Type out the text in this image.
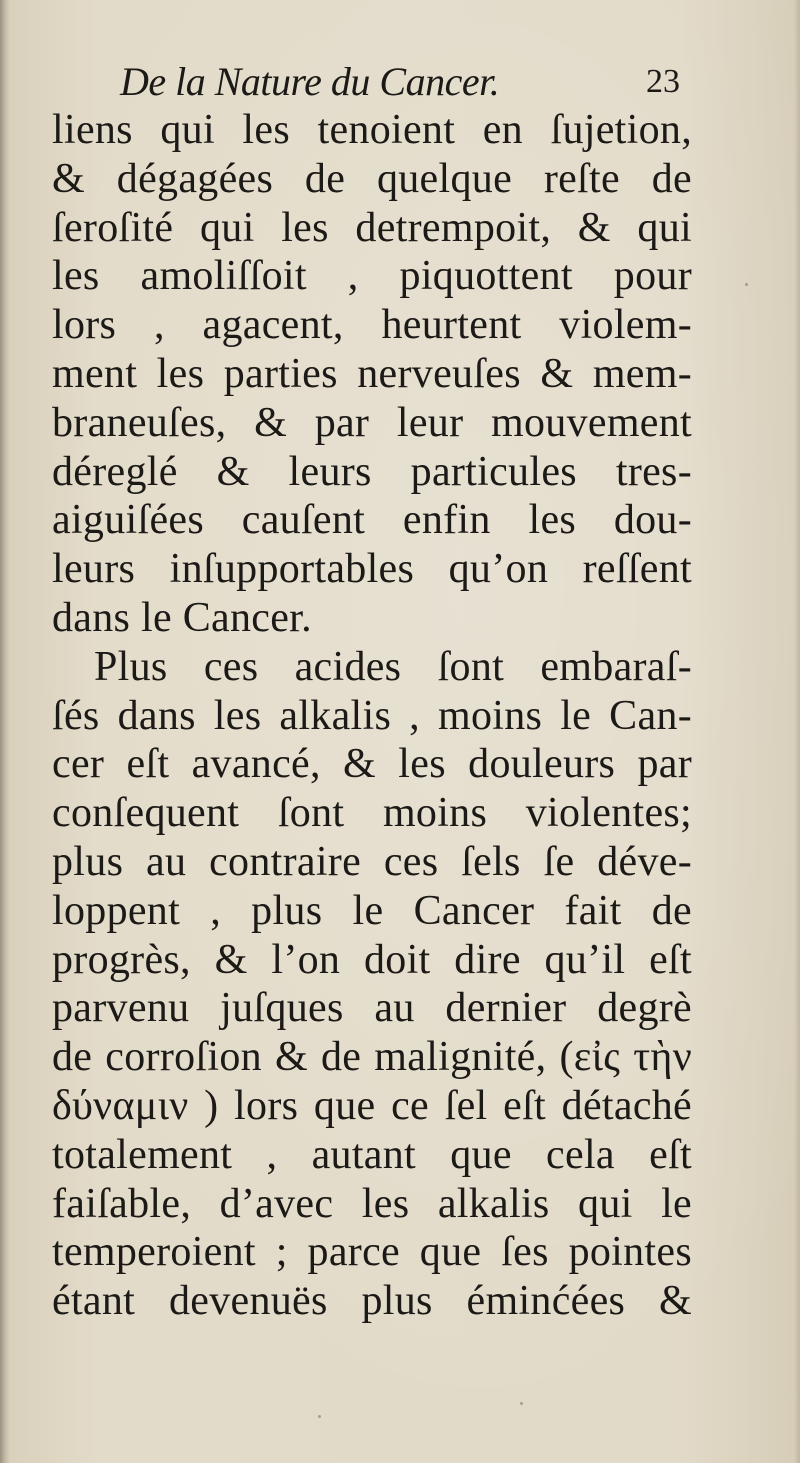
De la Nature du Cancer.	23
liens qui les tenoient en ſujetion,
& dégagées de quelque reſte de
ſeroſité qui les detrempoit, & qui
les amoliſſoit , piquottent pour
lors , agacent, heurtent violem-
ment les parties nerveuſes & mem-
braneuſes, & par leur mouvement
déreglé & leurs particules tres-
aiguiſées cauſent enfin les dou-
leurs inſupportables qu’on reſſent
dans le Cancer.
Plus ces acides ſont embaraſ-
ſés dans les alkalis , moins le Can-
cer eſt avancé, & les douleurs par
conſequent ſont moins violentes;
plus au contraire ces ſels ſe déve-
loppent , plus le Cancer fait de
progrès, & l’on doit dire qu’il eſt
parvenu juſques au dernier degrè
de corroſion & de malignité, (εἰς τὴν
δύναμιν ) lors que ce ſel eſt détaché
totalement , autant que cela eſt
faiſable, d’avec les alkalis qui le
temperoient ; parce que ſes pointes
étant devenuës plus éminćées &
